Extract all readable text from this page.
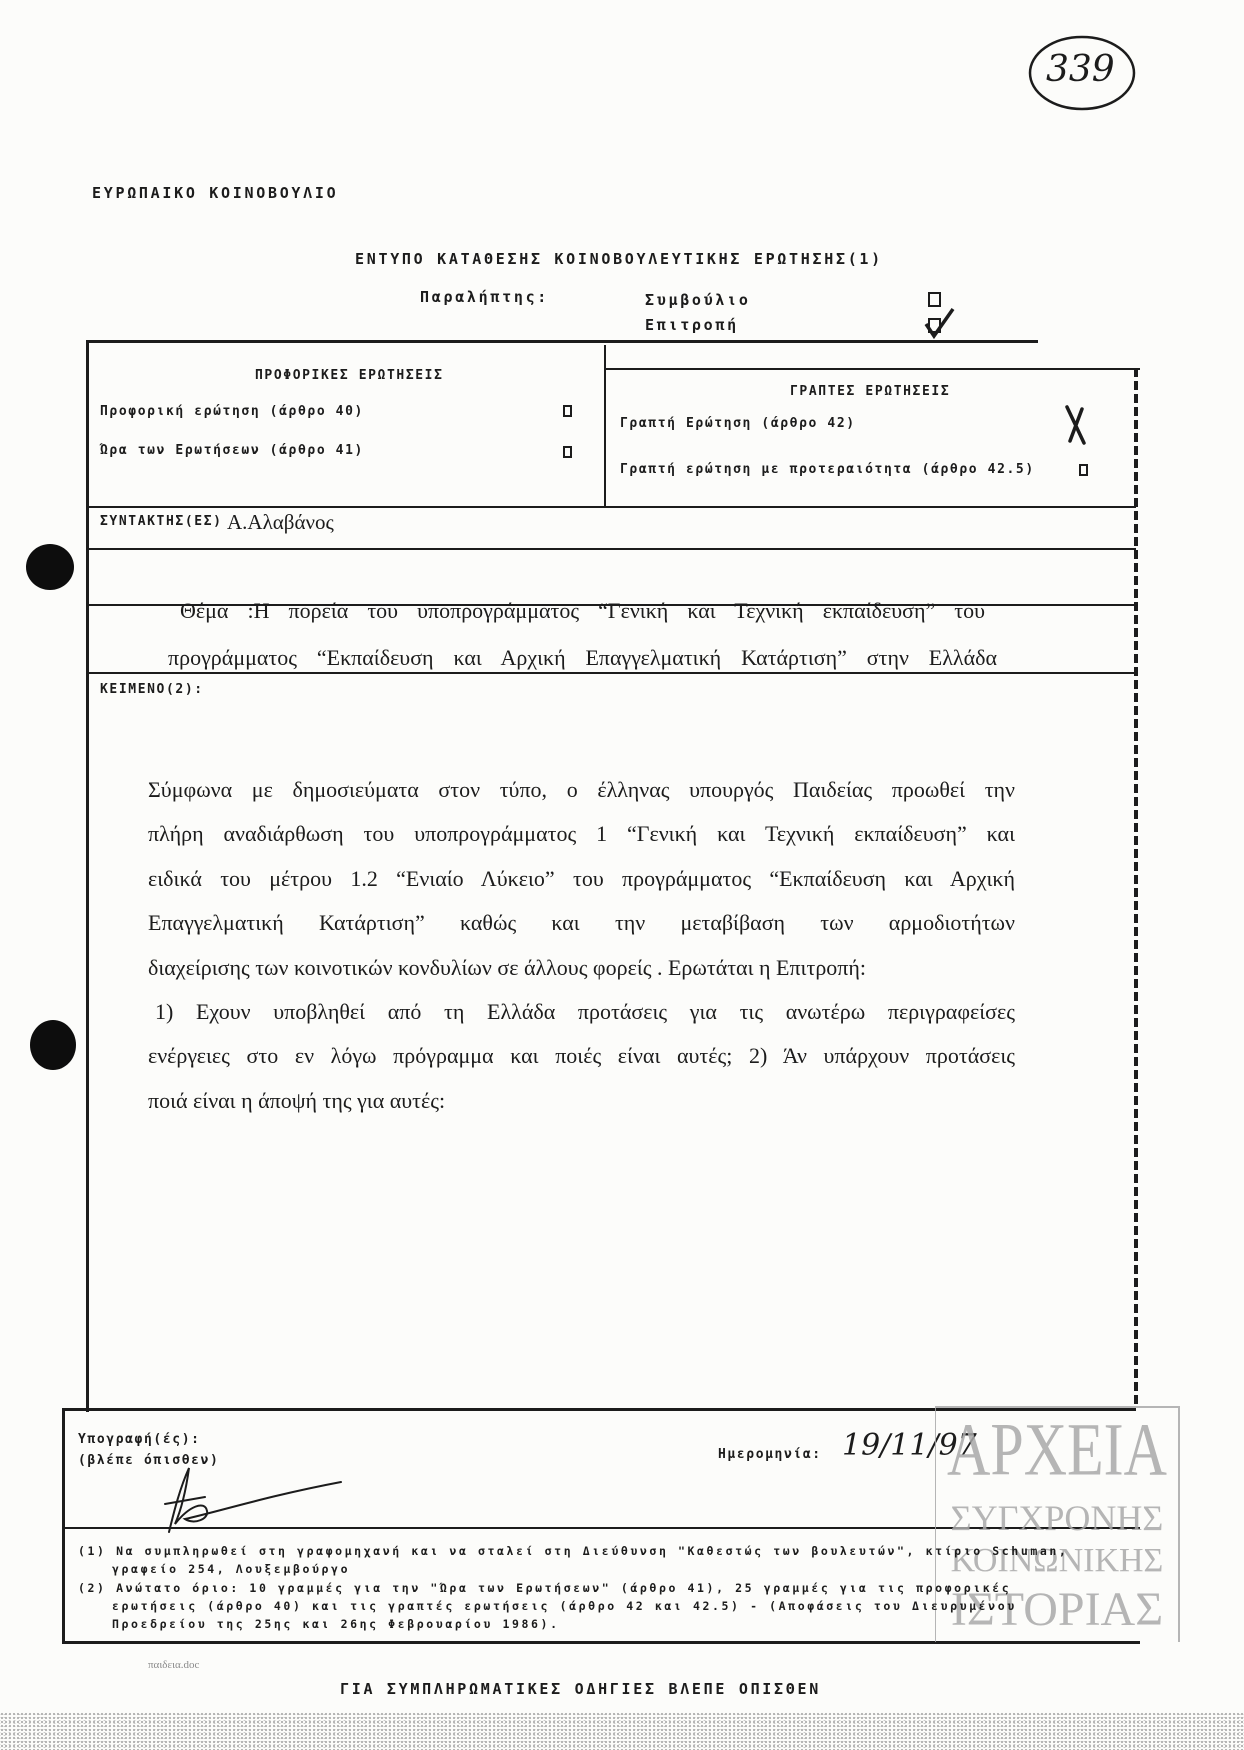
339
ΕΥΡΩΠΑΙΚΟ ΚΟΙΝΟΒΟΥΛΙΟ
ΕΝΤΥΠΟ ΚΑΤΑΘΕΣΗΣ ΚΟΙΝΟΒΟΥΛΕΥΤΙΚΗΣ ΕΡΩΤΗΣΗΣ(1)
Παραλήπτης:	Συμβούλιο
Επιτροπή
ΠΡΟΦΟΡΙΚΕΣ ΕΡΩΤΗΣΕΙΣ
Προφορική ερώτηση (άρθρο 40)
Ώρα των Ερωτήσεων (άρθρο 41)
ΓΡΑΠΤΕΣ ΕΡΩΤΗΣΕΙΣ
Γραπτή Ερώτηση (άρθρο 42)
Γραπτή ερώτηση με προτεραιότητα (άρθρο 42.5)
ΣΥΝΤΑΚΤΗΣ(ΕΣ) Α.Αλαβάνος
Θέμα :Η πορεία του υποπρογράμματος “Γενική και Τεχνική εκπαίδευση” του
προγράμματος “Εκπαίδευση και Αρχική Επαγγελματική Κατάρτιση” στην Ελλάδα
ΚΕΙΜΕΝΟ(2):
Σύμφωνα με δημοσιεύματα στον τύπο, ο έλληνας υπουργός Παιδείας προωθεί την
πλήρη αναδιάρθωση του υποπρογράμματος 1 “Γενική και Τεχνική εκπαίδευση” και
ειδικά του μέτρου 1.2 “Ενιαίο Λύκειο” του προγράμματος “Εκπαίδευση και Αρχική
Επαγγελματική Κατάρτιση” καθώς και την μεταβίβαση των αρμοδιοτήτων
διαχείρισης των κοινοτικών κονδυλίων σε άλλους φορείς . Ερωτάται η Επιτροπή:
1) Εχουν υποβληθεί από τη Ελλάδα προτάσεις για τις ανωτέρω περιγραφείσες
ενέργειες στο εν λόγω πρόγραμμα και ποιές είναι αυτές; 2) Άν υπάρχουν προτάσεις
ποιά είναι η άποψή της για αυτές:
Υπογραφή(ές):
(βλέπε όπισθεν)	Ημερομηνία: 19/11/97
ΑΡΧΕΙΑ
ΣΥΓΧΡΟΝΗΣ
ΚΟΙΝΩΝΙΚΗΣ
ΙΣΤΟΡΙΑΣ
(1) Να συμπληρωθεί στη γραφομηχανή και να σταλεί στη Διεύθυνση "Καθεστώς των βουλευτών", κτίριο Schuman,
γραφείο 254, Λουξεμβούργο
(2) Ανώτατο όριο: 10 γραμμές για την "Ώρα των Ερωτήσεων" (άρθρο 41), 25 γραμμές για τις προφορικές
ερωτήσεις (άρθρο 40) και τις γραπτές ερωτήσεις (άρθρο 42 και 42.5) - (Αποφάσεις του Διευρυμένου
Προεδρείου της 25ης και 26ης Φεβρουαρίου 1986).
παιδεια.doc
ΓΙΑ ΣΥΜΠΛΗΡΩΜΑΤΙΚΕΣ ΟΔΗΓΙΕΣ ΒΛΕΠΕ ΟΠΙΣΘΕΝ
